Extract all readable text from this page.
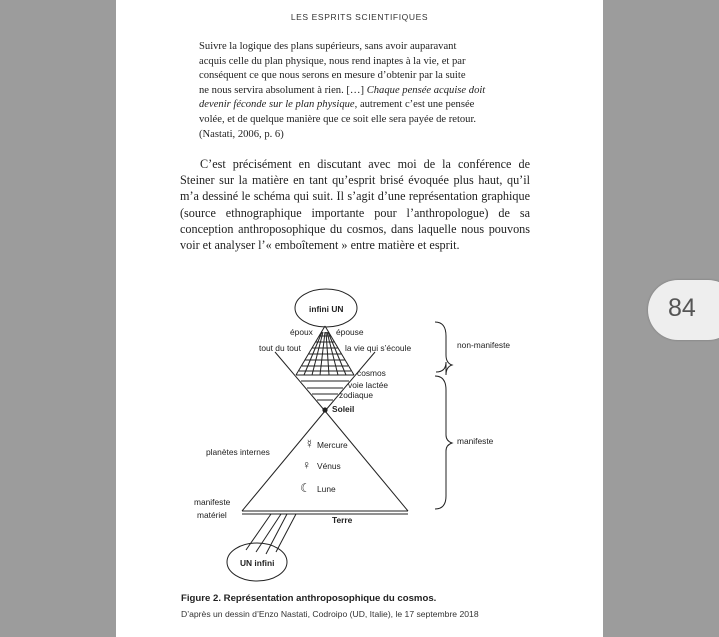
LES ESPRITS SCIENTIFIQUES

Suivre la logique des plans supérieurs, sans avoir auparavant

acquis celle du plan physique, nous rend inaptes à la vie, et par

conséquent ce que nous serons en mesure d’obtenir par la suite

ne nous servira absolument à rien. […] Chaque pensée acquise doit

devenir féconde sur le plan physique, autrement c’est une pensée

volée, et de quelque manière que ce soit elle sera payée de retour.

(Nastati, 2006, p. 6)

C’est précisément en discutant avec moi de la conférence de Steiner sur la matière en tant qu’esprit brisé évoquée plus haut, qu’il m’a dessiné le schéma qui suit. Il s’agit d’une représentation graphique (source ethnographique importante pour l’anthropologue) de sa conception anthroposophique du cosmos, dans laquelle nous pouvons voir et analyser l’« emboîtement » entre matière et esprit.

infini UN
époux	épouse
tout du tout	la vie qui s’écoule
cosmos
voie lactée
zodiaque
Soleil
☿ Mercure
♀ Vénus
☾ Lune
planètes internes
manifeste
matériel	Terre
UN infini
non-manifeste
manifeste

Figure 2. Représentation anthroposophique du cosmos.

D’après un dessin d’Enzo Nastati, Codroipo (UD, Italie), le 17 septembre 2018

84
